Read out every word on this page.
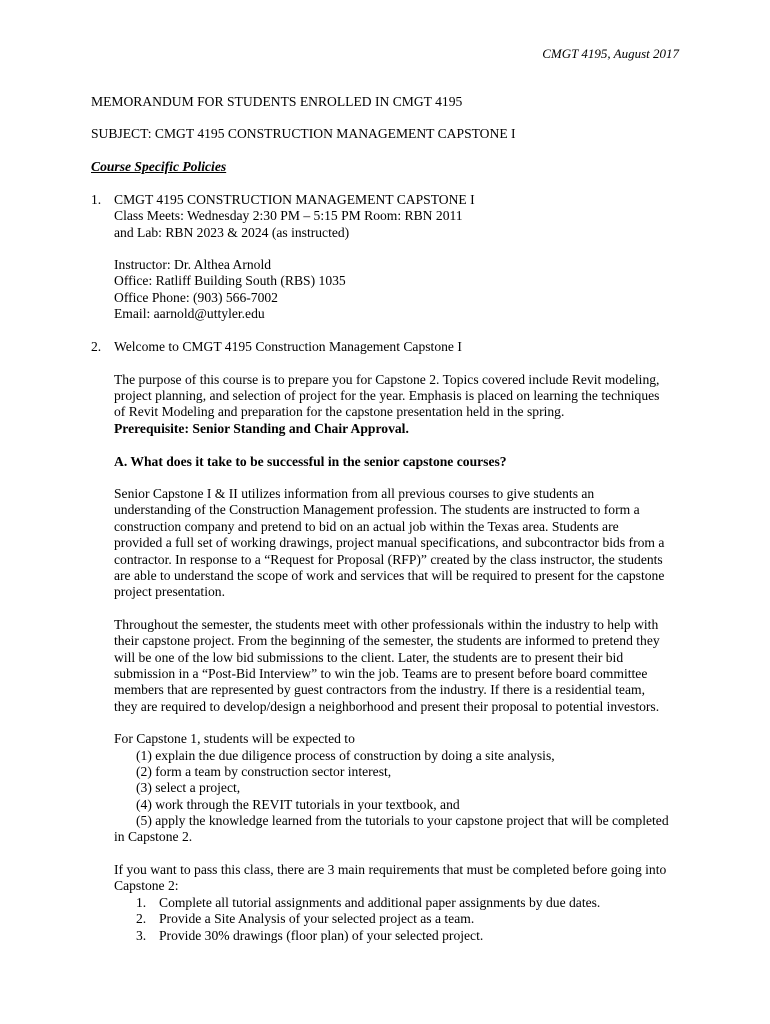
CMGT 4195, August 2017
MEMORANDUM FOR STUDENTS ENROLLED IN CMGT 4195
SUBJECT: CMGT 4195 CONSTRUCTION MANAGEMENT CAPSTONE I
Course Specific Policies
1. CMGT 4195 CONSTRUCTION MANAGEMENT CAPSTONE I
Class Meets: Wednesday 2:30 PM – 5:15 PM Room: RBN 2011
and Lab: RBN 2023 & 2024 (as instructed)
Instructor: Dr. Althea Arnold
Office: Ratliff Building South (RBS) 1035
Office Phone: (903) 566-7002
Email: aarnold@uttyler.edu
2. Welcome to CMGT 4195 Construction Management Capstone I
The purpose of this course is to prepare you for Capstone 2. Topics covered include Revit modeling,
project planning, and selection of project for the year. Emphasis is placed on learning the techniques
of Revit Modeling and preparation for the capstone presentation held in the spring.
Prerequisite: Senior Standing and Chair Approval.
A. What does it take to be successful in the senior capstone courses?
Senior Capstone I & II utilizes information from all previous courses to give students an
understanding of the Construction Management profession. The students are instructed to form a
construction company and pretend to bid on an actual job within the Texas area. Students are
provided a full set of working drawings, project manual specifications, and subcontractor bids from a
contractor. In response to a “Request for Proposal (RFP)” created by the class instructor, the students
are able to understand the scope of work and services that will be required to present for the capstone
project presentation.
Throughout the semester, the students meet with other professionals within the industry to help with
their capstone project. From the beginning of the semester, the students are informed to pretend they
will be one of the low bid submissions to the client. Later, the students are to present their bid
submission in a “Post-Bid Interview” to win the job. Teams are to present before board committee
members that are represented by guest contractors from the industry. If there is a residential team,
they are required to develop/design a neighborhood and present their proposal to potential investors.
For Capstone 1, students will be expected to
(1) explain the due diligence process of construction by doing a site analysis,
(2) form a team by construction sector interest,
(3) select a project,
(4) work through the REVIT tutorials in your textbook, and
(5) apply the knowledge learned from the tutorials to your capstone project that will be completed
in Capstone 2.
If you want to pass this class, there are 3 main requirements that must be completed before going into
Capstone 2:
1. Complete all tutorial assignments and additional paper assignments by due dates.
2. Provide a Site Analysis of your selected project as a team.
3. Provide 30% drawings (floor plan) of your selected project.
